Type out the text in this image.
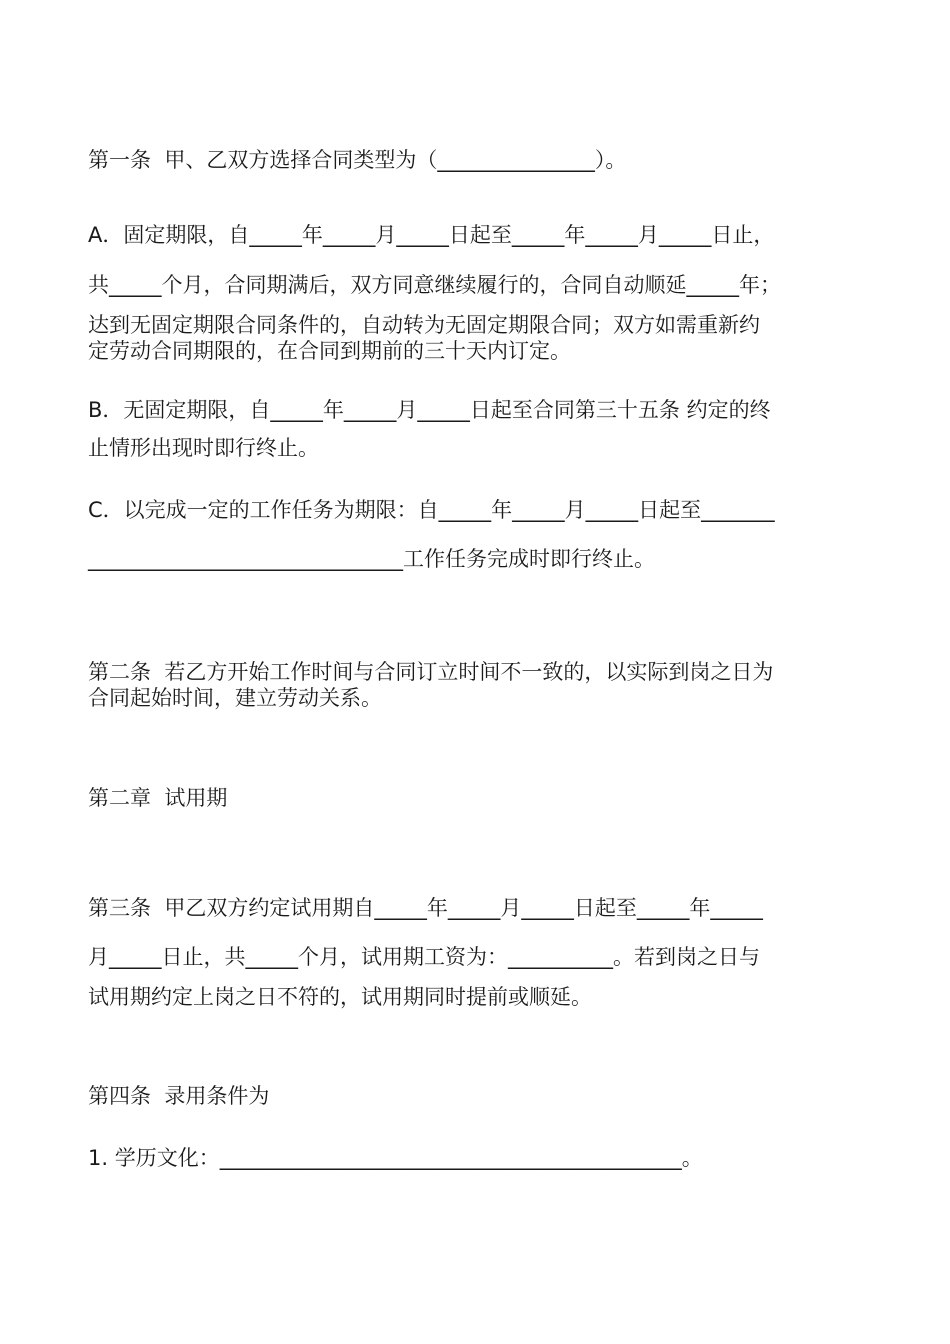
第一条  甲、乙双方选择合同类型为（_______________）。

A．固定期限，自_____年_____月_____日起至_____年_____月_____日止，

共_____个月，合同期满后，双方同意继续履行的，合同自动顺延_____年；

达到无固定期限合同条件的，自动转为无固定期限合同；双方如需重新约

定劳动合同期限的，在合同到期前的三十天内订定。

B．无固定期限，自_____年_____月_____日起至合同第三十五条 约定的终

止情形出现时即行终止。

C．以完成一定的工作任务为期限：自_____年_____月_____日起至_______

______________________________工作任务完成时即行终止。

第二条  若乙方开始工作时间与合同订立时间不一致的，以实际到岗之日为

合同起始时间，建立劳动关系。

第二章  试用期

第三条  甲乙双方约定试用期自_____年_____月_____日起至_____年_____

月_____日止，共_____个月，试用期工资为：__________。若到岗之日与

试用期约定上岗之日不符的，试用期同时提前或顺延。

第四条  录用条件为

1. 学历文化：____________________________________________。
